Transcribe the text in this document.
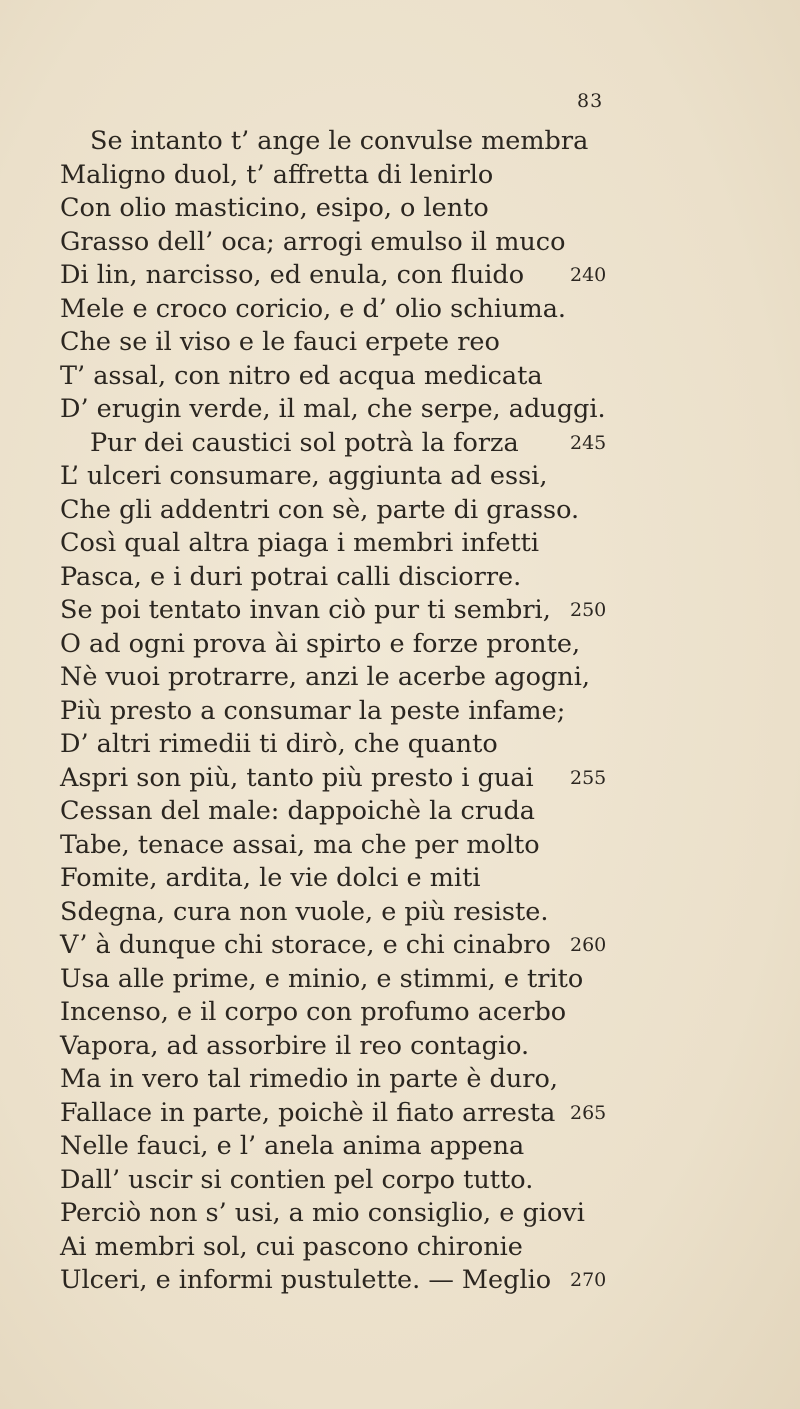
83
Se intanto t’ ange le convulse membra
Maligno duol, t’ affretta di lenirlo
Con olio masticino, esipo, o lento
Grasso dell’ oca; arrogi emulso il muco
Di lin, narcisso, ed enula, con fluido 240
Mele e croco coricio, e d’ olio schiuma.
Che se il viso e le fauci erpete reo
T’ assal, con nitro ed acqua medicata
D’ erugin verde, il mal, che serpe, aduggi.
Pur dei caustici sol potrà la forza	245
L’ ulceri consumare, aggiunta ad essi,
Che gli addentri con sè, parte di grasso.
Così qual altra piaga i membri infetti
Pasca, e i duri potrai calli disciorre.
Se poi tentato invan ciò pur ti sembri, 250
O ad ogni prova ài spirto e forze pronte,
Nè vuoi protrarre, anzi le acerbe agogni,
Più presto a consumar la peste infame;
D’ altri rimedii ti dirò, che quanto
Aspri son più, tanto più presto i guai 255
Cessan del male: dappoichè la cruda
Tabe, tenace assai, ma che per molto
Fomite, ardita, le vie dolci e miti
Sdegna, cura non vuole, e più resiste.
V’ à dunque chi storace, e chi cinabro 260
Usa alle prime, e minio, e stimmi, e trito
Incenso, e il corpo con profumo acerbo
Vapora, ad assorbire il reo contagio.
Ma in vero tal rimedio in parte è duro,
Fallace in parte, poichè il fiato arresta 265
Nelle fauci, e l’ anela anima appena
Dall’ uscir si contien pel corpo tutto.
Perciò non s’ usi, a mio consiglio, e giovi
Ai membri sol, cui pascono chironie
Ulceri, e informi pustulette. — Meglio 270
